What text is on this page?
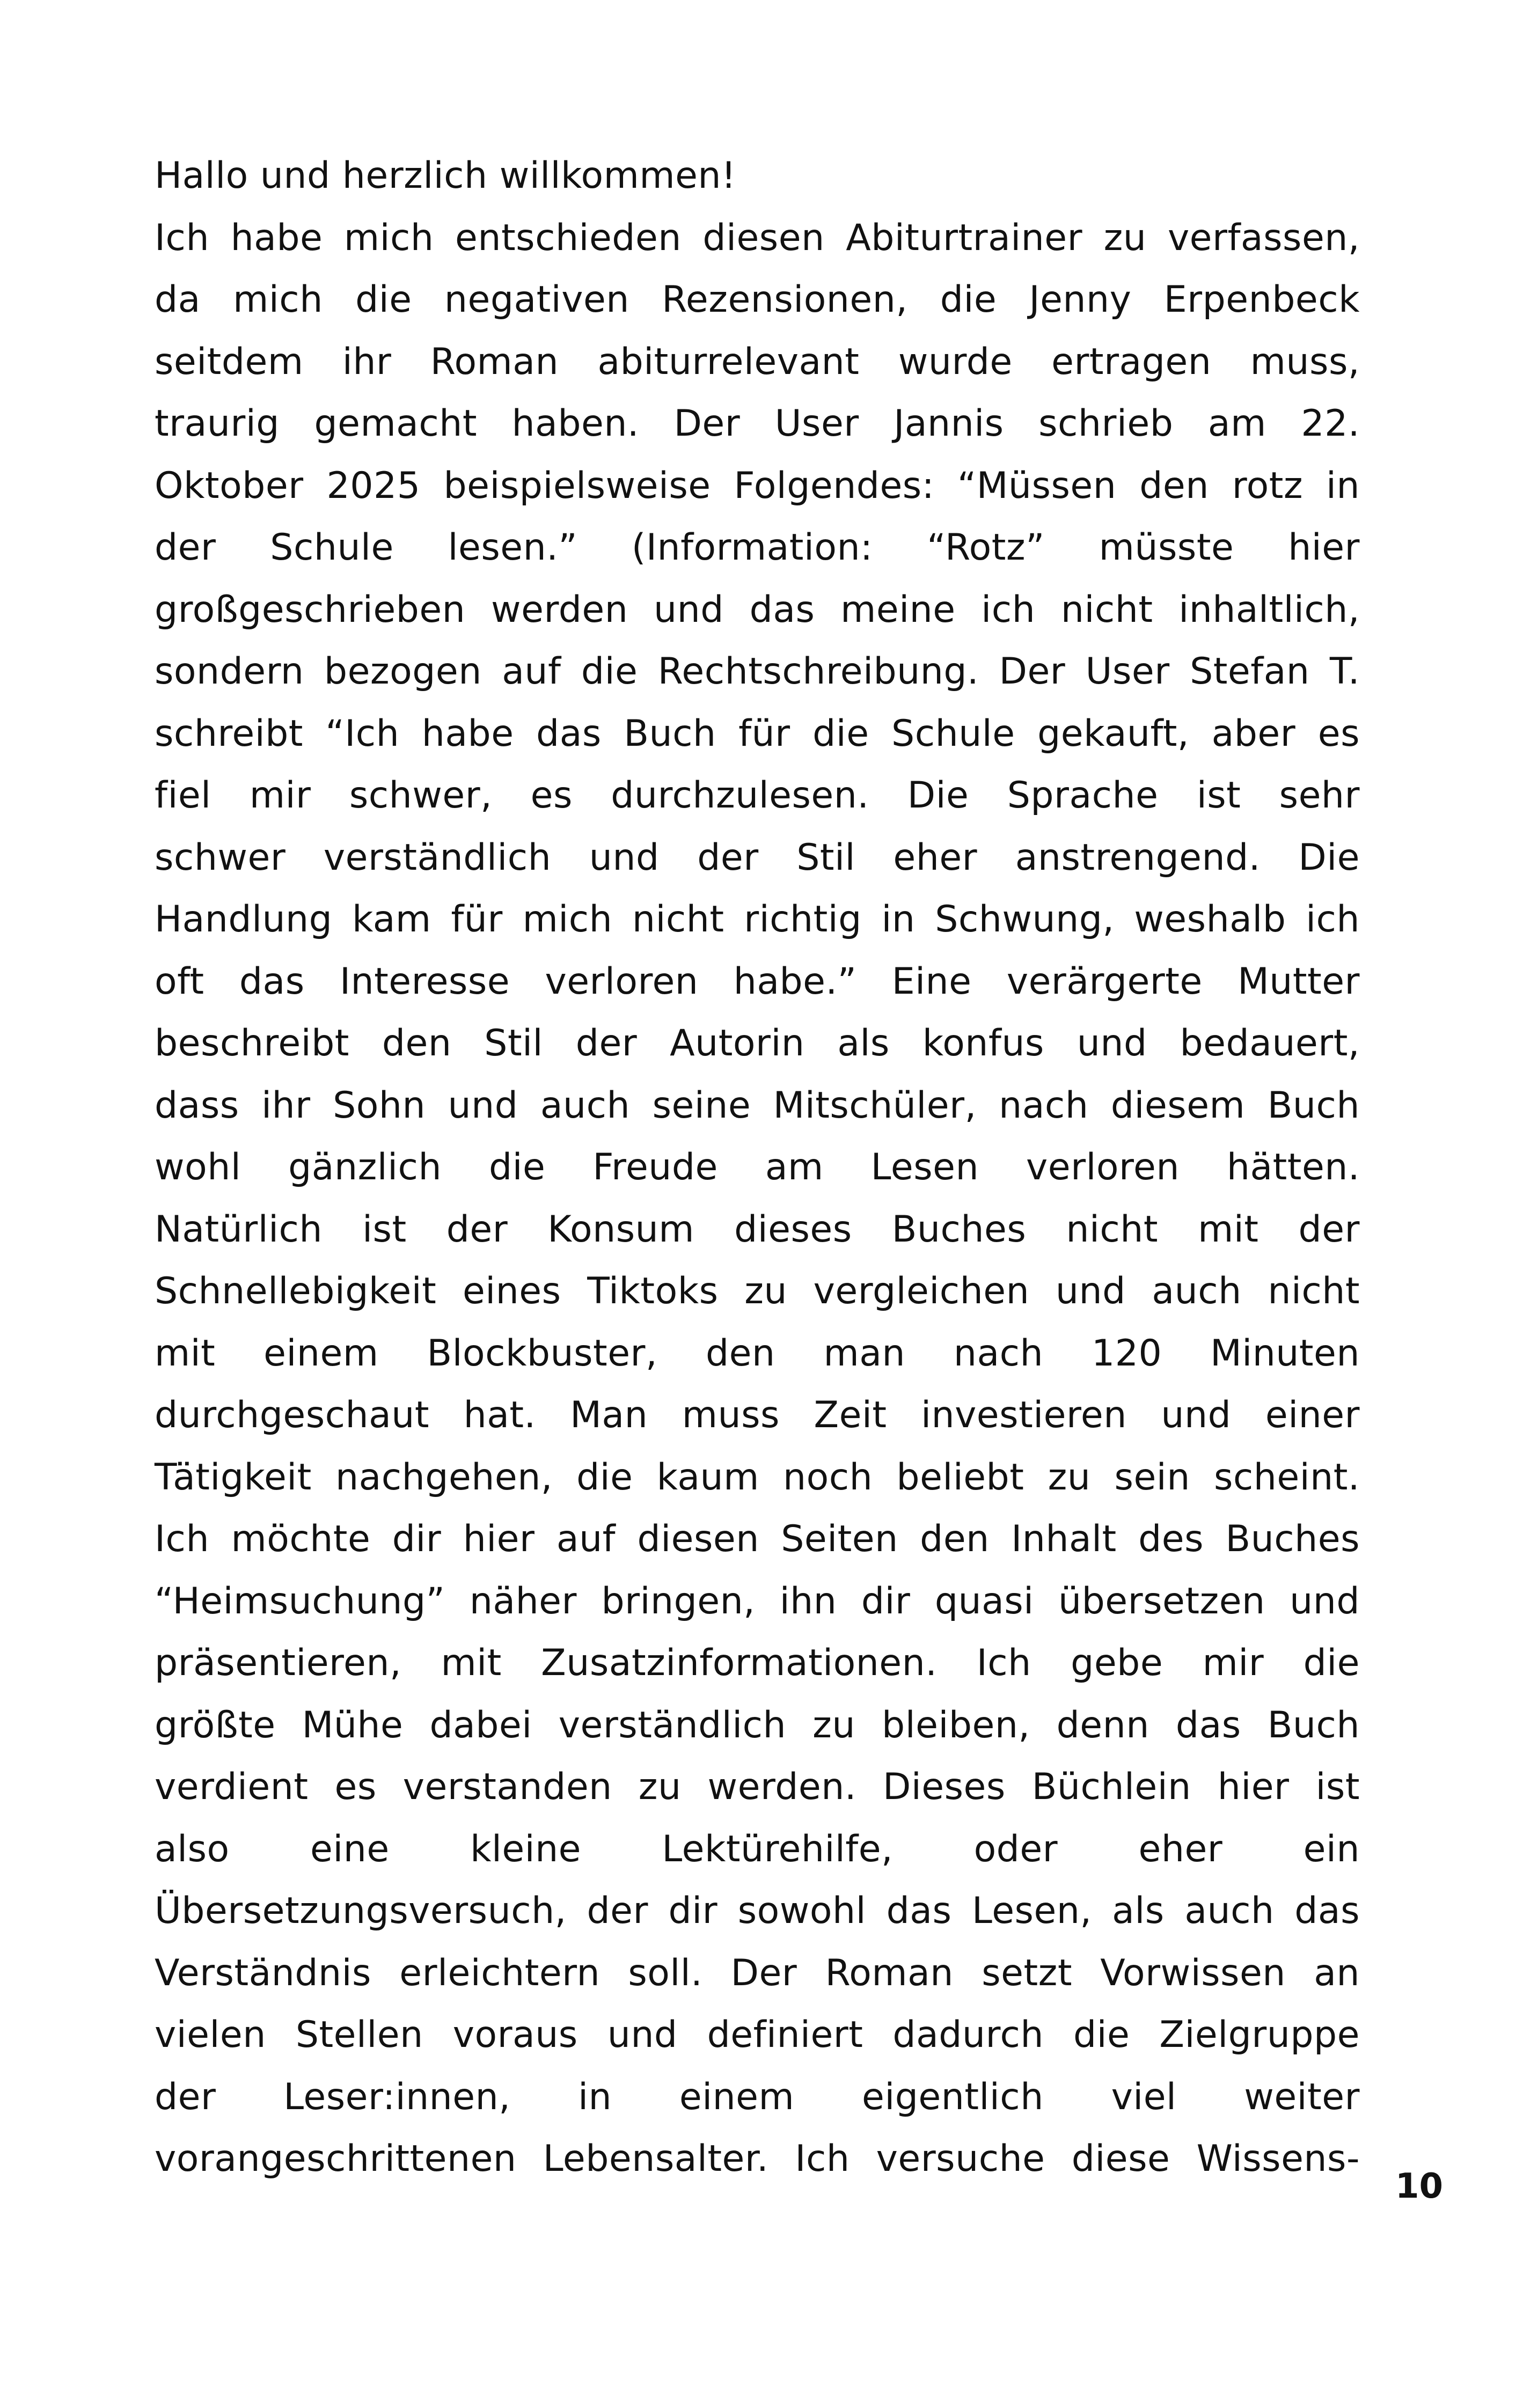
Hallo und herzlich willkommen!
Ich habe mich entschieden diesen Abiturtrainer zu verfassen,
da mich die negativen Rezensionen, die Jenny Erpenbeck
seitdem ihr Roman abiturrelevant wurde ertragen muss,
traurig gemacht haben. Der User Jannis schrieb am 22.
Oktober 2025 beispielsweise Folgendes: “Müssen den rotz in
der Schule lesen.” (Information: “Rotz” müsste hier
großgeschrieben werden und das meine ich nicht inhaltlich,
sondern bezogen auf die Rechtschreibung. Der User Stefan T.
schreibt “Ich habe das Buch für die Schule gekauft, aber es
fiel mir schwer, es durchzulesen. Die Sprache ist sehr
schwer verständlich und der Stil eher anstrengend. Die
Handlung kam für mich nicht richtig in Schwung, weshalb ich
oft das Interesse verloren habe.” Eine verärgerte Mutter
beschreibt den Stil der Autorin als konfus und bedauert,
dass ihr Sohn und auch seine Mitschüler, nach diesem Buch
wohl gänzlich die Freude am Lesen verloren hätten.
Natürlich ist der Konsum dieses Buches nicht mit der
Schnellebigkeit eines Tiktoks zu vergleichen und auch nicht
mit einem Blockbuster, den man nach 120 Minuten
durchgeschaut hat. Man muss Zeit investieren und einer
Tätigkeit nachgehen, die kaum noch beliebt zu sein scheint.
Ich möchte dir hier auf diesen Seiten den Inhalt des Buches
“Heimsuchung” näher bringen, ihn dir quasi übersetzen und
präsentieren, mit Zusatzinformationen. Ich gebe mir die
größte Mühe dabei verständlich zu bleiben, denn das Buch
verdient es verstanden zu werden. Dieses Büchlein hier ist
also eine kleine Lektürehilfe, oder eher ein
Übersetzungsversuch, der dir sowohl das Lesen, als auch das
Verständnis erleichtern soll. Der Roman setzt Vorwissen an
vielen Stellen voraus und definiert dadurch die Zielgruppe
der Leser:innen, in einem eigentlich viel weiter
vorangeschrittenen Lebensalter. Ich versuche diese Wissens-
10
